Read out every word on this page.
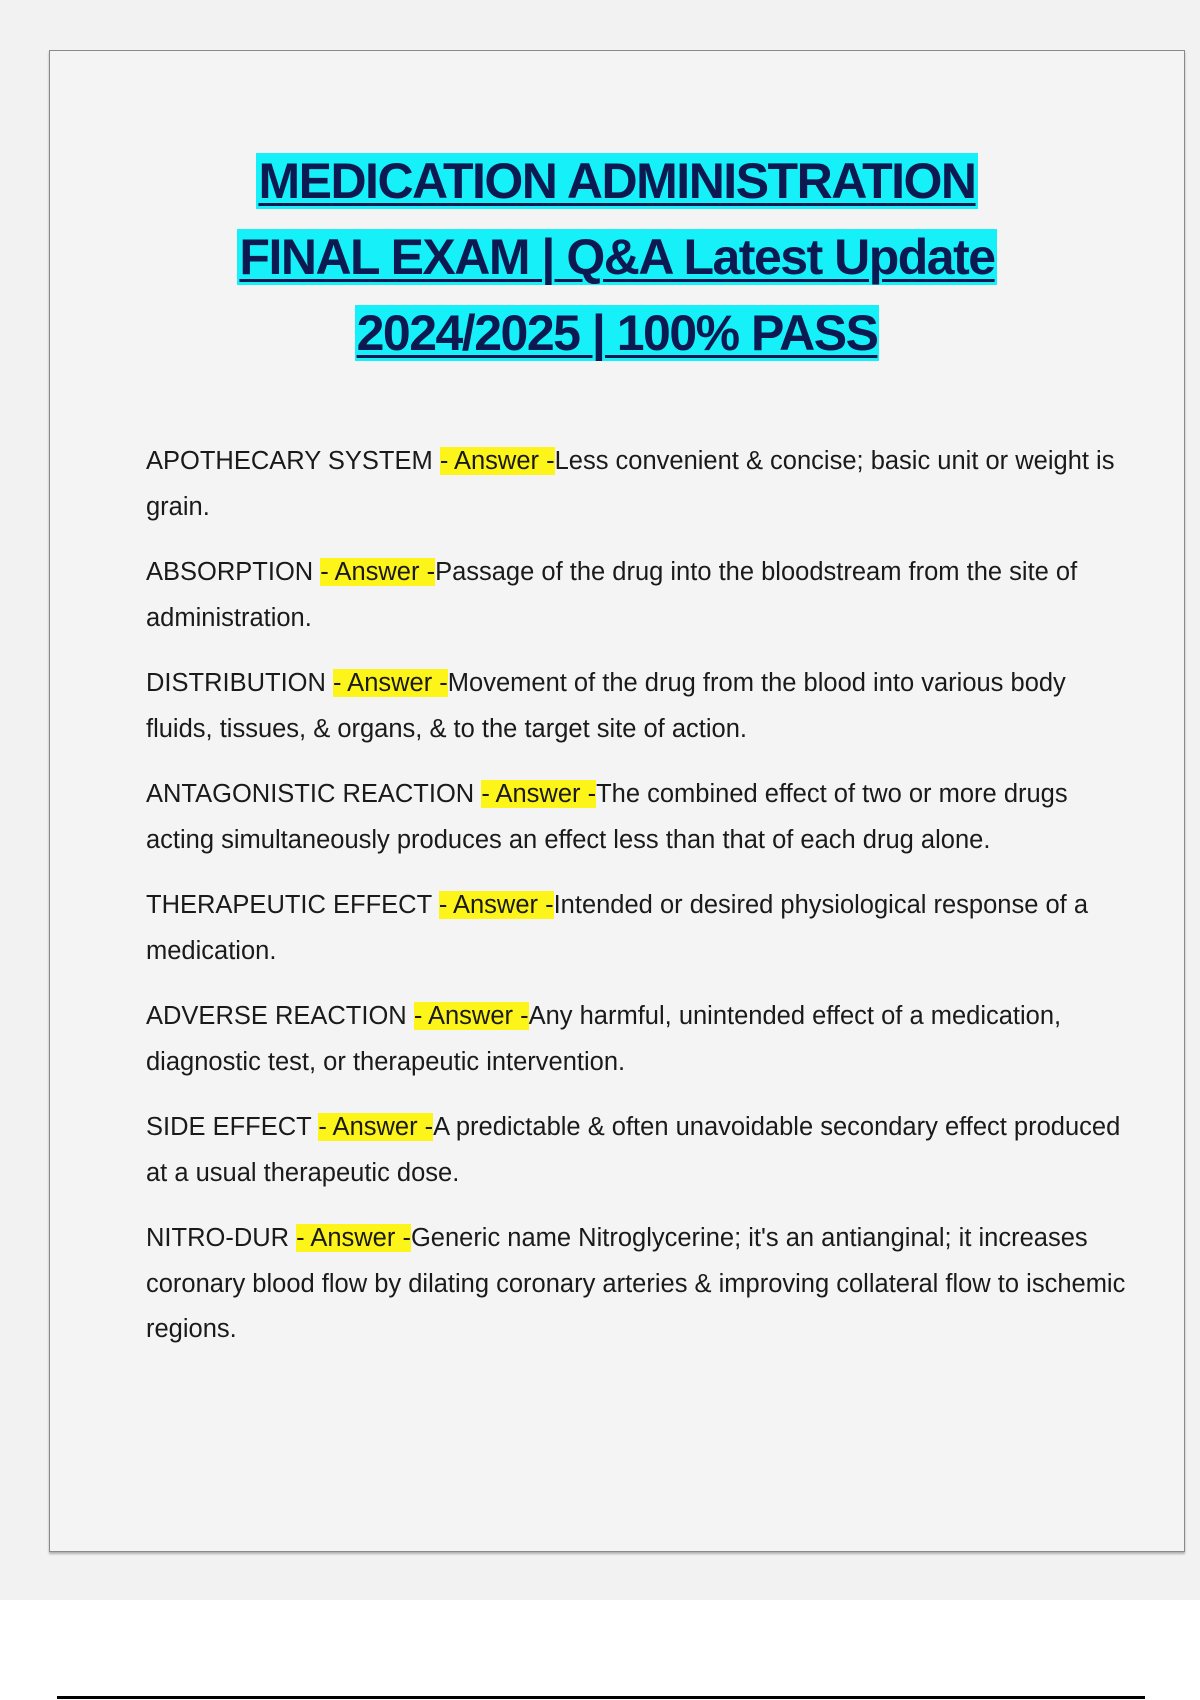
MEDICATION ADMINISTRATION
FINAL EXAM | Q&A Latest Update
2024/2025 | 100% PASS
APOTHECARY SYSTEM - Answer -Less convenient & concise; basic unit or weight is grain.
ABSORPTION - Answer -Passage of the drug into the bloodstream from the site of administration.
DISTRIBUTION - Answer -Movement of the drug from the blood into various body fluids, tissues, & organs, & to the target site of action.
ANTAGONISTIC REACTION - Answer -The combined effect of two or more drugs acting simultaneously produces an effect less than that of each drug alone.
THERAPEUTIC EFFECT - Answer -Intended or desired physiological response of a medication.
ADVERSE REACTION - Answer -Any harmful, unintended effect of a medication, diagnostic test, or therapeutic intervention.
SIDE EFFECT - Answer -A predictable & often unavoidable secondary effect produced at a usual therapeutic dose.
NITRO-DUR - Answer -Generic name Nitroglycerine; it's an antianginal; it increases coronary blood flow by dilating coronary arteries & improving collateral flow to ischemic regions.
